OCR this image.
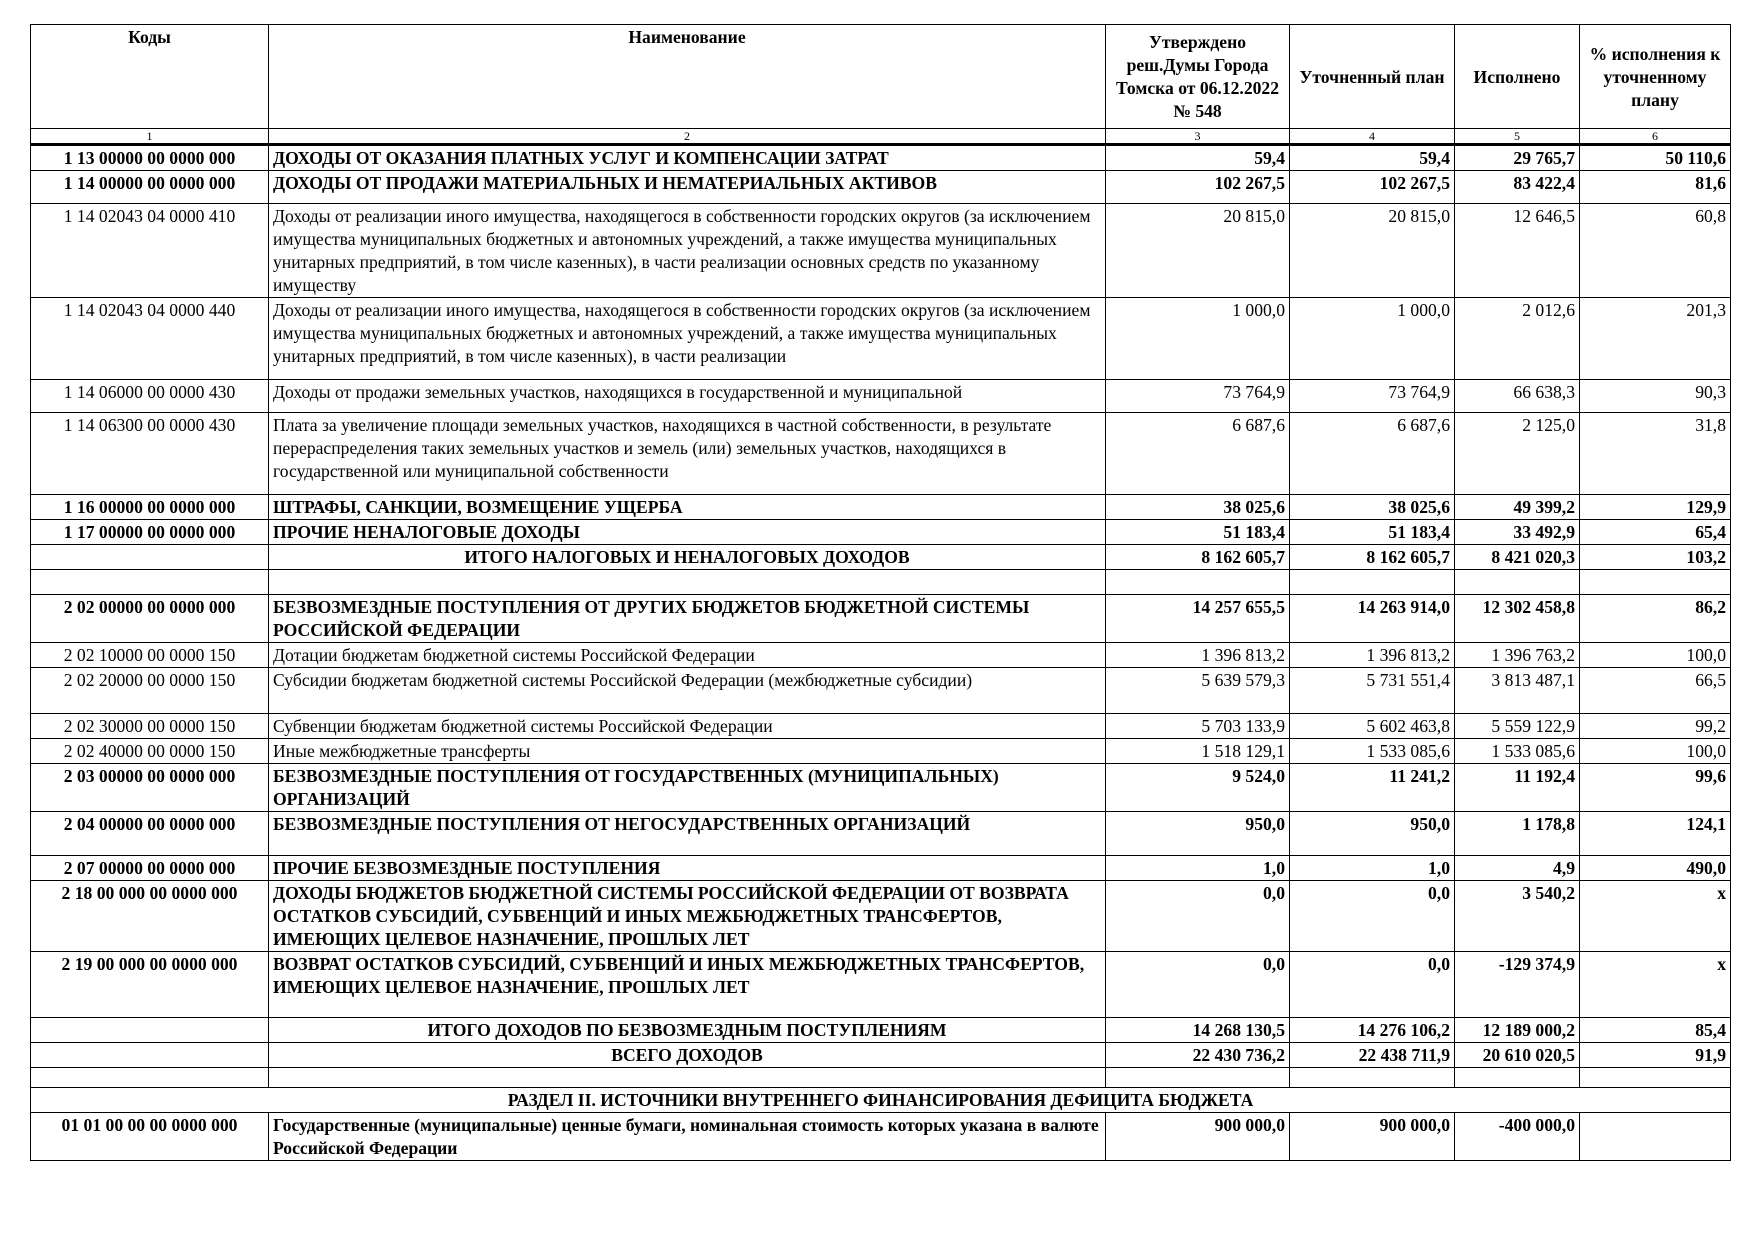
Коды	Наименование	Утверждено реш.Думы Города Томска от 06.12.2022 № 548	Уточненный план	Исполнено	% исполнения к уточненному плану
1	2	3	4	5	6
1 13 00000 00 0000 000	ДОХОДЫ ОТ ОКАЗАНИЯ ПЛАТНЫХ УСЛУГ И КОМПЕНСАЦИИ ЗАТРАТ	59,4	59,4	29 765,7	50 110,6
1 14 00000 00 0000 000	ДОХОДЫ ОТ ПРОДАЖИ МАТЕРИАЛЬНЫХ И НЕМАТЕРИАЛЬНЫХ АКТИВОВ	102 267,5	102 267,5	83 422,4	81,6
1 14 02043 04 0000 410	Доходы от реализации иного имущества, находящегося в собственности городских округов (за исключением имущества муниципальных бюджетных и автономных учреждений, а также имущества муниципальных унитарных предприятий, в том числе казенных), в части реализации основных средств по указанному имуществу	20 815,0	20 815,0	12 646,5	60,8
1 14 02043 04 0000 440	Доходы от реализации иного имущества, находящегося в собственности городских округов (за исключением имущества муниципальных бюджетных и автономных учреждений, а также имущества муниципальных унитарных предприятий, в том числе казенных), в части реализации	1 000,0	1 000,0	2 012,6	201,3
1 14 06000 00 0000 430	Доходы от продажи земельных участков, находящихся в государственной и муниципальной	73 764,9	73 764,9	66 638,3	90,3
1 14 06300 00 0000 430	Плата за увеличение площади земельных участков, находящихся в частной собственности, в результате перераспределения таких земельных участков и земель (или) земельных участков, находящихся в государственной или муниципальной собственности	6 687,6	6 687,6	2 125,0	31,8
1 16 00000 00 0000 000	ШТРАФЫ, САНКЦИИ, ВОЗМЕЩЕНИЕ УЩЕРБА	38 025,6	38 025,6	49 399,2	129,9
1 17 00000 00 0000 000	ПРОЧИЕ НЕНАЛОГОВЫЕ ДОХОДЫ	51 183,4	51 183,4	33 492,9	65,4
	ИТОГО НАЛОГОВЫХ И НЕНАЛОГОВЫХ ДОХОДОВ	8 162 605,7	8 162 605,7	8 421 020,3	103,2

2 02 00000 00 0000 000	БЕЗВОЗМЕЗДНЫЕ ПОСТУПЛЕНИЯ ОТ ДРУГИХ БЮДЖЕТОВ БЮДЖЕТНОЙ СИСТЕМЫ РОССИЙСКОЙ ФЕДЕРАЦИИ	14 257 655,5	14 263 914,0	12 302 458,8	86,2
2 02 10000 00 0000 150	Дотации бюджетам бюджетной системы Российской Федерации	1 396 813,2	1 396 813,2	1 396 763,2	100,0
2 02 20000 00 0000 150	Субсидии бюджетам бюджетной системы Российской Федерации (межбюджетные субсидии)	5 639 579,3	5 731 551,4	3 813 487,1	66,5
2 02 30000 00 0000 150	Субвенции бюджетам бюджетной системы Российской Федерации	5 703 133,9	5 602 463,8	5 559 122,9	99,2
2 02 40000 00 0000 150	Иные межбюджетные трансферты	1 518 129,1	1 533 085,6	1 533 085,6	100,0
2 03 00000 00 0000 000	БЕЗВОЗМЕЗДНЫЕ ПОСТУПЛЕНИЯ ОТ ГОСУДАРСТВЕННЫХ (МУНИЦИПАЛЬНЫХ) ОРГАНИЗАЦИЙ	9 524,0	11 241,2	11 192,4	99,6
2 04 00000 00 0000 000	БЕЗВОЗМЕЗДНЫЕ ПОСТУПЛЕНИЯ ОТ НЕГОСУДАРСТВЕННЫХ ОРГАНИЗАЦИЙ	950,0	950,0	1 178,8	124,1
2 07 00000 00 0000 000	ПРОЧИЕ БЕЗВОЗМЕЗДНЫЕ ПОСТУПЛЕНИЯ	1,0	1,0	4,9	490,0
2 18 00 000 00 0000 000	ДОХОДЫ БЮДЖЕТОВ БЮДЖЕТНОЙ СИСТЕМЫ РОССИЙСКОЙ ФЕДЕРАЦИИ ОТ ВОЗВРАТА ОСТАТКОВ СУБСИДИЙ, СУБВЕНЦИЙ И ИНЫХ МЕЖБЮДЖЕТНЫХ ТРАНСФЕРТОВ, ИМЕЮЩИХ ЦЕЛЕВОЕ НАЗНАЧЕНИЕ, ПРОШЛЫХ ЛЕТ	0,0	0,0	3 540,2	x
2 19 00 000 00 0000 000	ВОЗВРАТ ОСТАТКОВ СУБСИДИЙ, СУБВЕНЦИЙ И ИНЫХ МЕЖБЮДЖЕТНЫХ ТРАНСФЕРТОВ, ИМЕЮЩИХ ЦЕЛЕВОЕ НАЗНАЧЕНИЕ, ПРОШЛЫХ ЛЕТ	0,0	0,0	-129 374,9	x
	ИТОГО ДОХОДОВ ПО БЕЗВОЗМЕЗДНЫМ ПОСТУПЛЕНИЯМ	14 268 130,5	14 276 106,2	12 189 000,2	85,4
	ВСЕГО ДОХОДОВ	22 430 736,2	22 438 711,9	20 610 020,5	91,9

РАЗДЕЛ II. ИСТОЧНИКИ ВНУТРЕННЕГО ФИНАНСИРОВАНИЯ ДЕФИЦИТА БЮДЖЕТА					
01 01 00 00 00 0000 000	Государственные (муниципальные) ценные бумаги, номинальная стоимость которых указана в валюте Российской Федерации	900 000,0	900 000,0	-400 000,0	
